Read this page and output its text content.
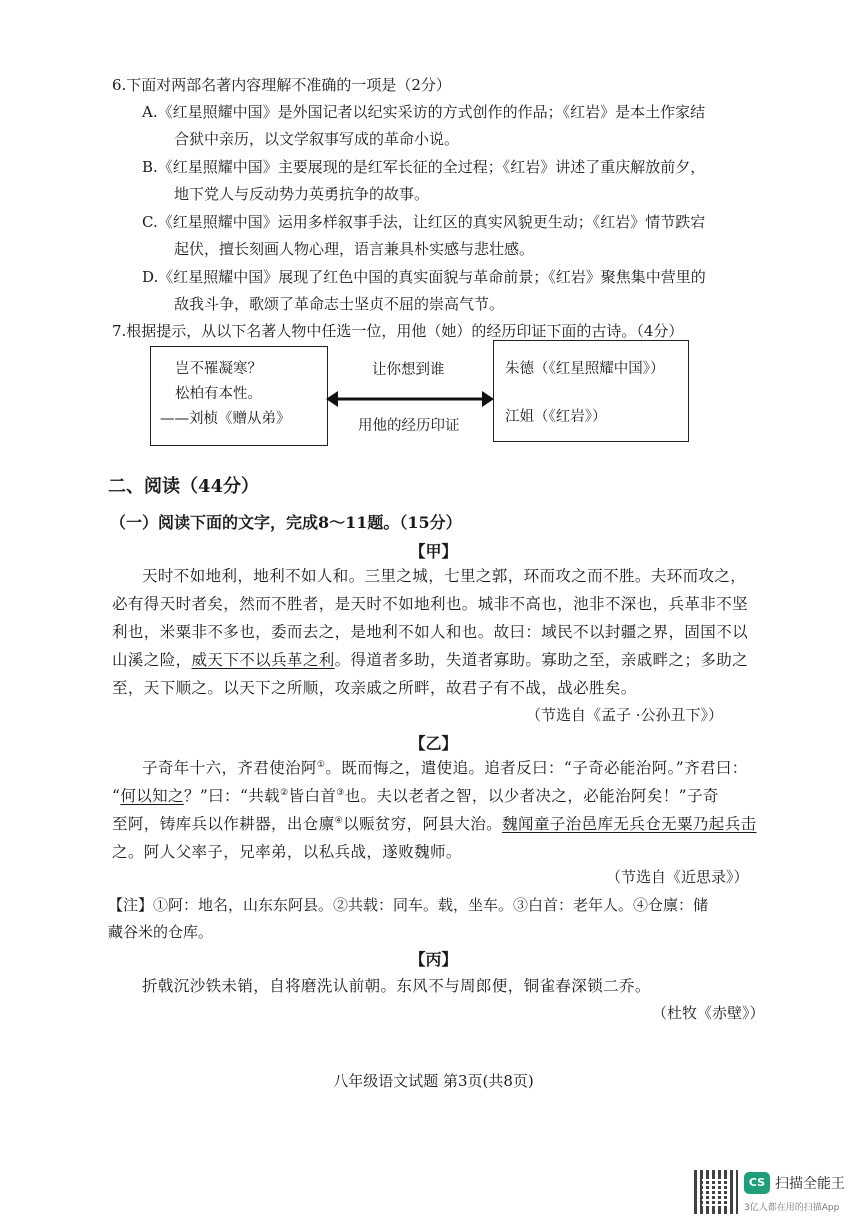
6.下面对两部名著内容理解不准确的一项是（2分）
A.《红星照耀中国》是外国记者以纪实采访的方式创作的作品；《红岩》是本土作家结
合狱中亲历，以文学叙事写成的革命小说。
B.《红星照耀中国》主要展现的是红军长征的全过程；《红岩》讲述了重庆解放前夕，
地下党人与反动势力英勇抗争的故事。
C.《红星照耀中国》运用多样叙事手法，让红区的真实风貌更生动；《红岩》情节跌宕
起伏，擅长刻画人物心理，语言兼具朴实感与悲壮感。
D.《红星照耀中国》展现了红色中国的真实面貌与革命前景；《红岩》聚焦集中营里的
敌我斗争，歌颂了革命志士坚贞不屈的崇高气节。
7.根据提示，从以下名著人物中任选一位，用他（她）的经历印证下面的古诗。（4分）
岂不罹凝寒？
松柏有本性。
——刘桢《赠从弟》
让你想到谁
用他的经历印证
朱德（《红星照耀中国》）
江姐（《红岩》）
二、阅读（44分）
（一）阅读下面的文字，完成8～11题。（15分）
【甲】
天时不如地利，地利不如人和。三里之城，七里之郭，环而攻之而不胜。夫环而攻之，
必有得天时者矣，然而不胜者，是天时不如地利也。城非不高也，池非不深也，兵革非不坚
利也，米粟非不多也，委而去之，是地利不如人和也。故曰：域民不以封疆之界，固国不以
山溪之险，威天下不以兵革之利。得道者多助，失道者寡助。寡助之至，亲戚畔之；多助之
至，天下顺之。以天下之所顺，攻亲戚之所畔，故君子有不战，战必胜矣。
（节选自《孟子 ·公孙丑下》）
【乙】
子奇年十六，齐君使治阿①。既而悔之，遣使追。追者反曰：“子奇必能治阿。”齐君曰：
“何以知之？”曰：“共载②皆白首③也。夫以老者之智，以少者决之，必能治阿矣！”子奇
至阿，铸库兵以作耕器，出仓廪④以赈贫穷，阿县大治。魏闻童子治邑库无兵仓无粟乃起兵击
之。阿人父率子，兄率弟，以私兵战，遂败魏师。
（节选自《近思录》）
【注】①阿：地名，山东东阿县。②共载：同车。载，坐车。③白首：老年人。④仓廪：储
藏谷米的仓库。
【丙】
折戟沉沙铁未销，自将磨洗认前朝。东风不与周郎便，铜雀春深锁二乔。
（杜牧《赤壁》）
八年级语文试题 第3页(共8页)
CS 扫描全能王
3亿人都在用的扫描App
